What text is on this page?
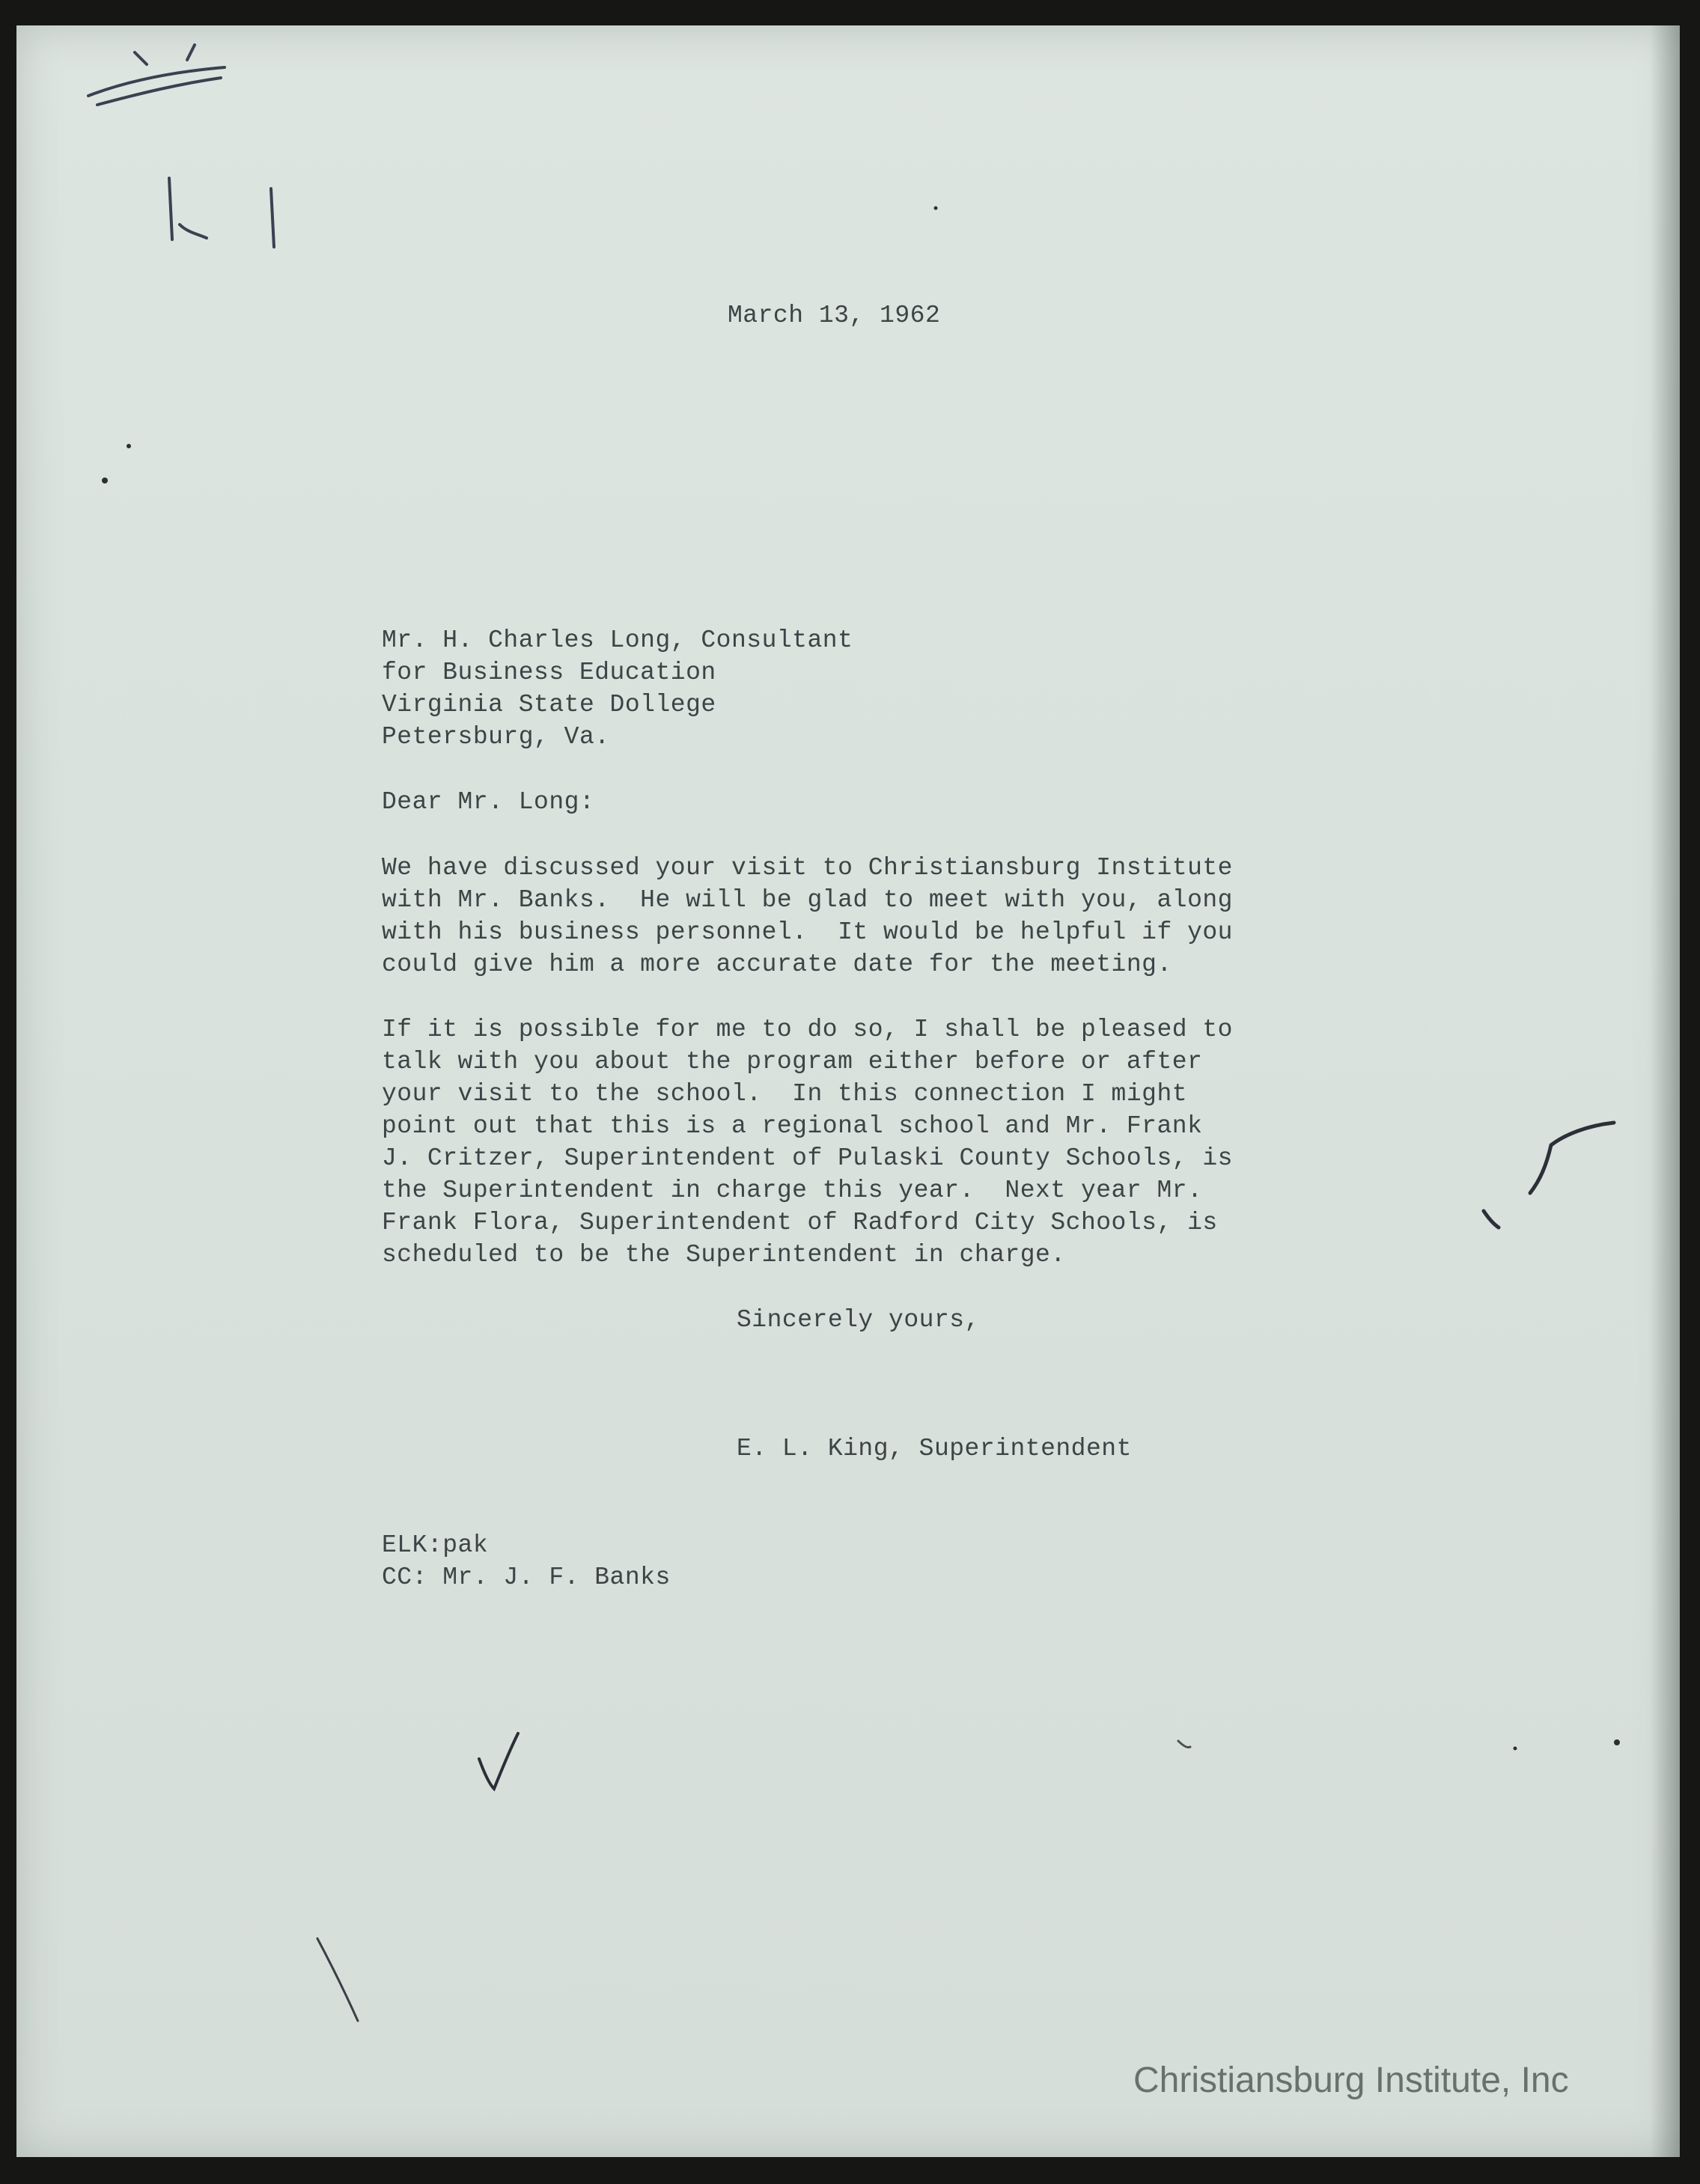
March 13, 1962

Mr. H. Charles Long, Consultant

for Business Education

Virginia State Dollege

Petersburg, Va.

Dear Mr. Long:

We have discussed your visit to Christiansburg Institute

with Mr. Banks.  He will be glad to meet with you, along

with his business personnel.  It would be helpful if you

could give him a more accurate date for the meeting.

If it is possible for me to do so, I shall be pleased to

talk with you about the program either before or after

your visit to the school.  In this connection I might

point out that this is a regional school and Mr. Frank

J. Critzer, Superintendent of Pulaski County Schools, is

the Superintendent in charge this year.  Next year Mr.

Frank Flora, Superintendent of Radford City Schools, is

scheduled to be the Superintendent in charge.

Sincerely yours,

E. L. King, Superintendent

ELK:pak

CC: Mr. J. F. Banks

Christiansburg Institute, Inc
